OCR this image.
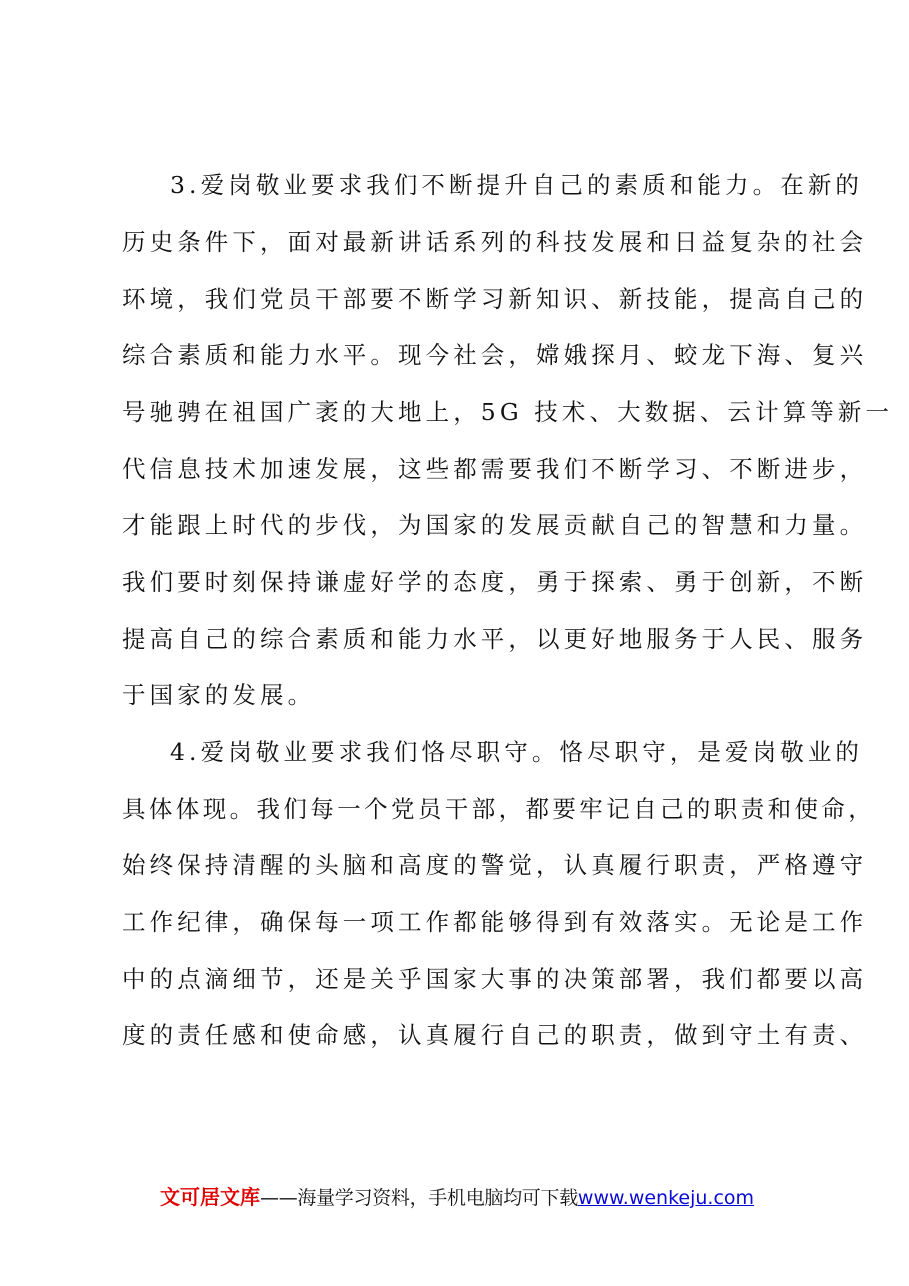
3.爱岗敬业要求我们不断提升自己的素质和能力。在新的
历史条件下，面对最新讲话系列的科技发展和日益复杂的社会
环境，我们党员干部要不断学习新知识、新技能，提高自己的
综合素质和能力水平。现今社会，嫦娥探月、蛟龙下海、复兴
号驰骋在祖国广袤的大地上，5G 技术、大数据、云计算等新一
代信息技术加速发展，这些都需要我们不断学习、不断进步，
才能跟上时代的步伐，为国家的发展贡献自己的智慧和力量。
我们要时刻保持谦虚好学的态度，勇于探索、勇于创新，不断
提高自己的综合素质和能力水平，以更好地服务于人民、服务
于国家的发展。
4.爱岗敬业要求我们恪尽职守。恪尽职守，是爱岗敬业的
具体体现。我们每一个党员干部，都要牢记自己的职责和使命，
始终保持清醒的头脑和高度的警觉，认真履行职责，严格遵守
工作纪律，确保每一项工作都能够得到有效落实。无论是工作
中的点滴细节，还是关乎国家大事的决策部署，我们都要以高
度的责任感和使命感，认真履行自己的职责，做到守土有责、
文可居文库——海量学习资料，手机电脑均可下载www.wenkeju.com
